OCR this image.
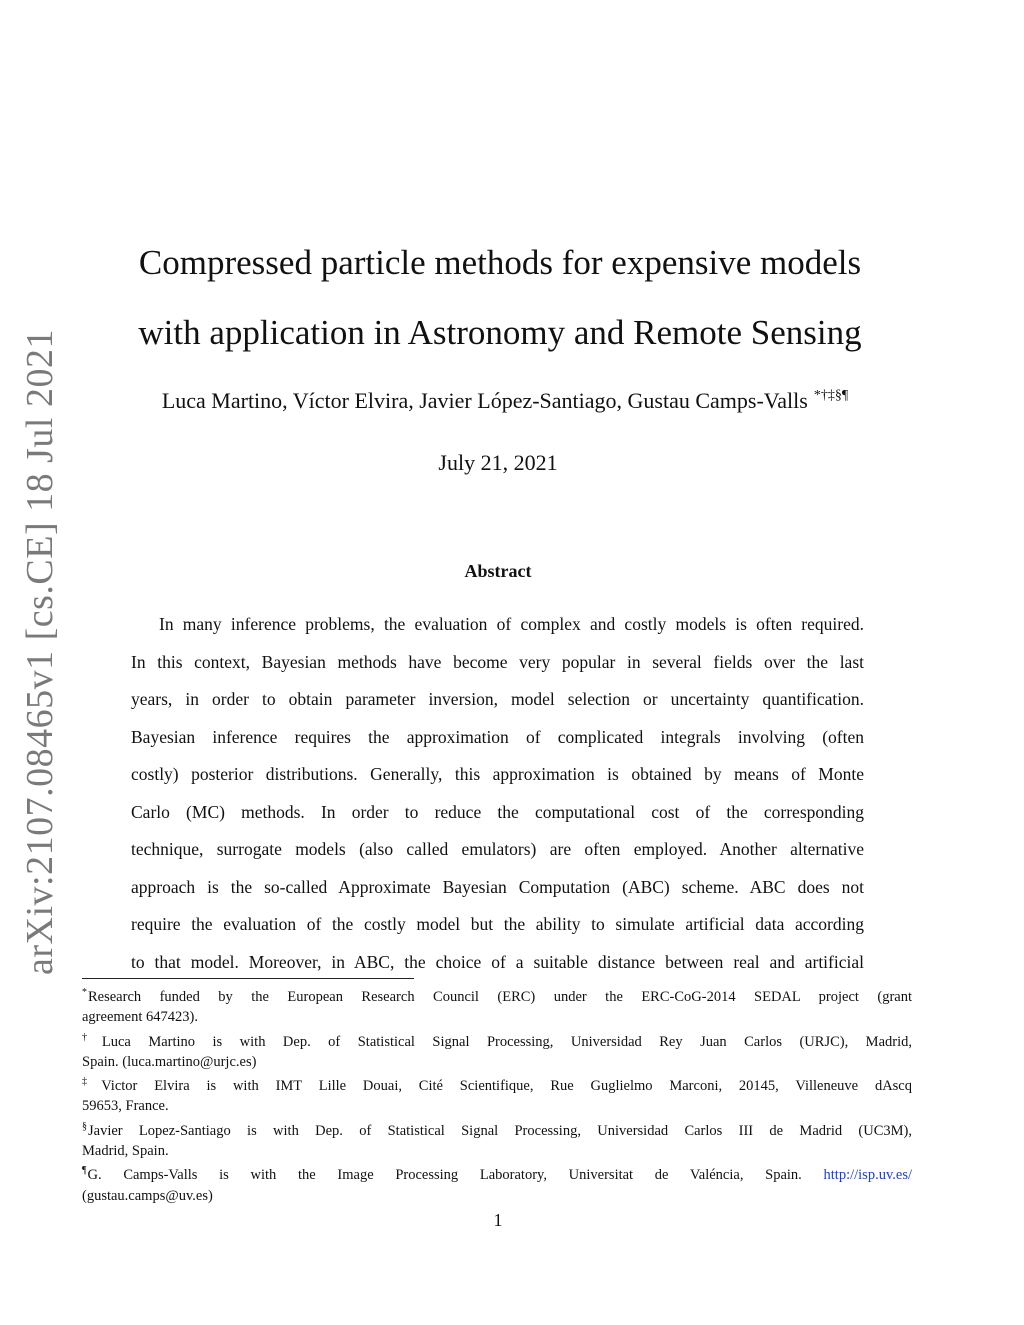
arXiv:2107.08465v1 [cs.CE] 18 Jul 2021
Compressed particle methods for expensive models
with application in Astronomy and Remote Sensing
Luca Martino, Víctor Elvira, Javier López-Santiago, Gustau Camps-Valls *†‡§¶
July 21, 2021
Abstract
In many inference problems, the evaluation of complex and costly models is often required.
In this context, Bayesian methods have become very popular in several fields over the last
years, in order to obtain parameter inversion, model selection or uncertainty quantification.
Bayesian inference requires the approximation of complicated integrals involving (often
costly) posterior distributions. Generally, this approximation is obtained by means of Monte
Carlo (MC) methods. In order to reduce the computational cost of the corresponding
technique, surrogate models (also called emulators) are often employed. Another alternative
approach is the so-called Approximate Bayesian Computation (ABC) scheme. ABC does not
require the evaluation of the costly model but the ability to simulate artificial data according
to that model. Moreover, in ABC, the choice of a suitable distance between real and artificial
*Research funded by the European Research Council (ERC) under the ERC-CoG-2014 SEDAL project (grant
agreement 647423).
†Luca Martino is with Dep. of Statistical Signal Processing, Universidad Rey Juan Carlos (URJC), Madrid,
Spain. (luca.martino@urjc.es)
‡Victor Elvira is with IMT Lille Douai, Cité Scientifique, Rue Guglielmo Marconi, 20145, Villeneuve dAscq
59653, France.
§Javier Lopez-Santiago is with Dep. of Statistical Signal Processing, Universidad Carlos III de Madrid (UC3M),
Madrid, Spain.
¶G. Camps-Valls is with the Image Processing Laboratory, Universitat de Valéncia, Spain. http://isp.uv.es/
(gustau.camps@uv.es)
1
